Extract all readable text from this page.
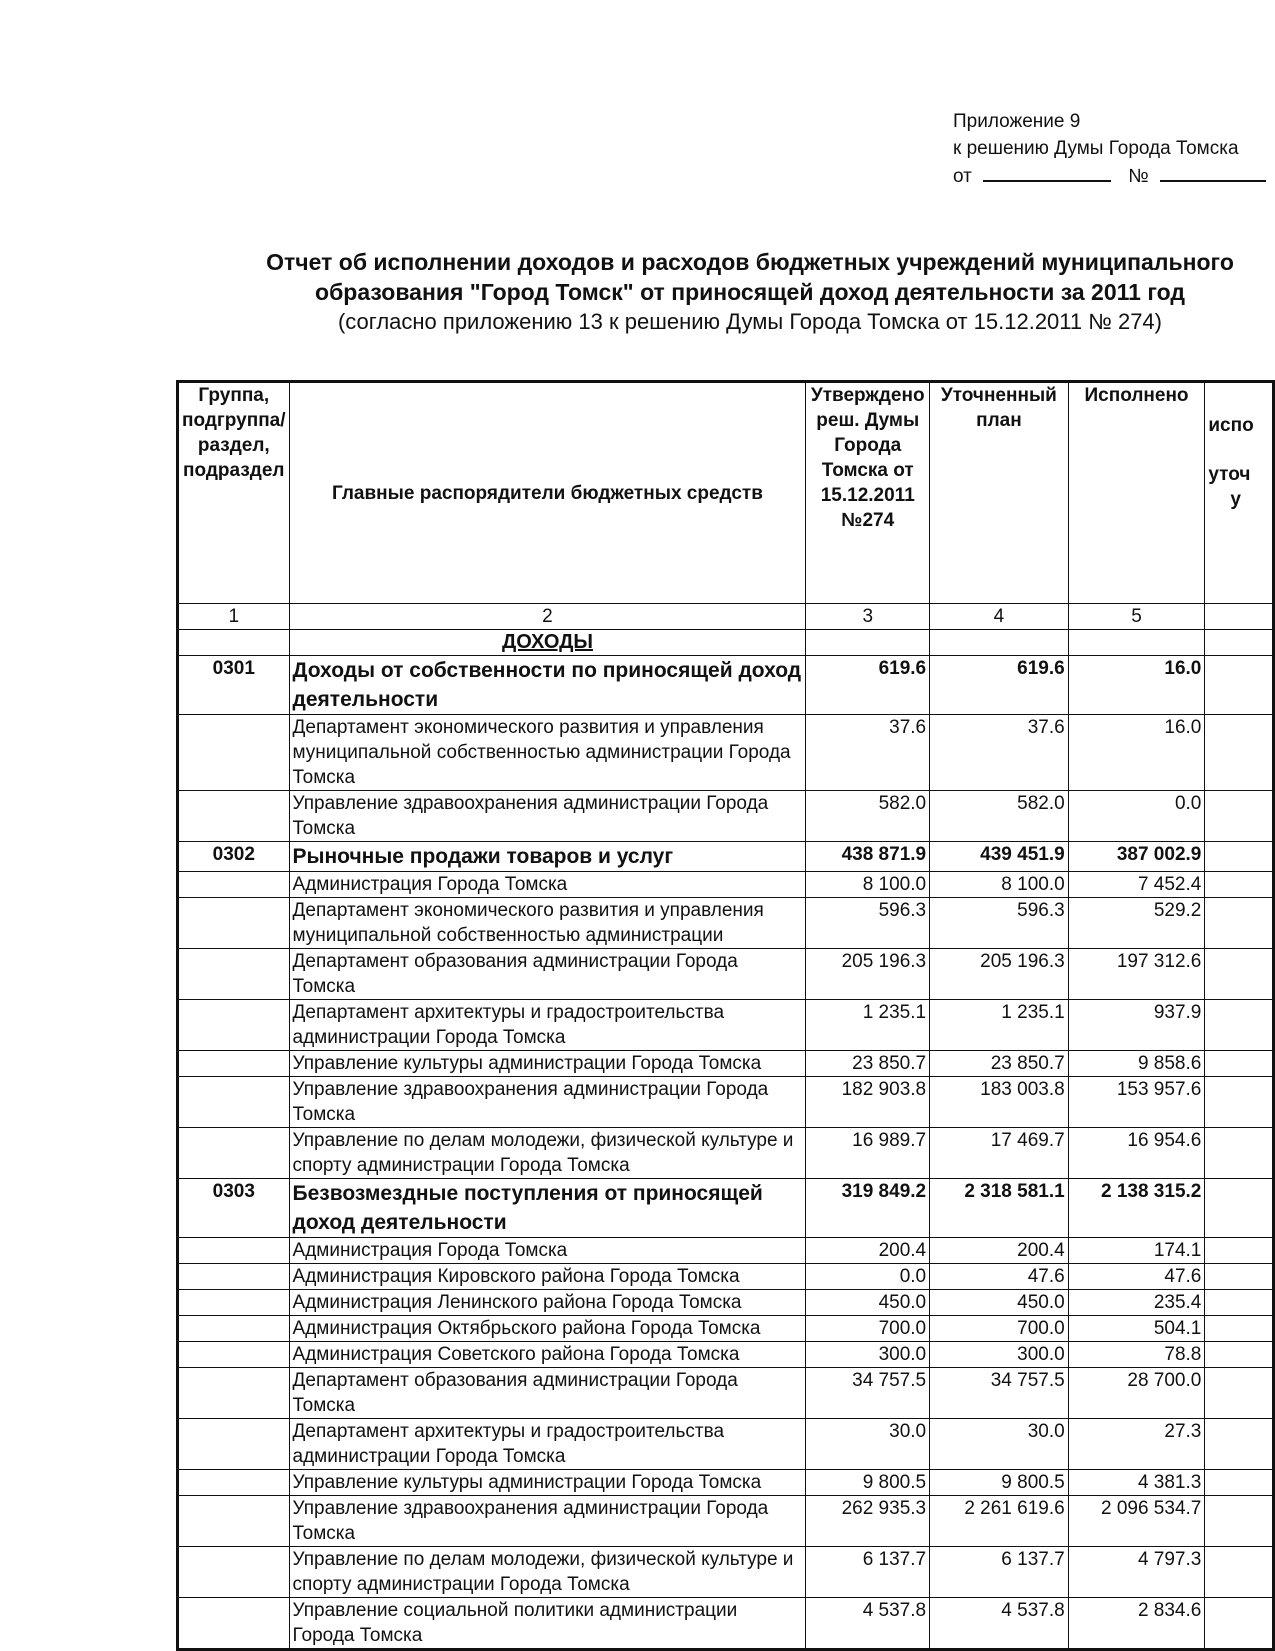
Приложение 9
к решению Думы Города Томска
от	№
Отчет об исполнении доходов и расходов бюджетных учреждений муниципального
образования "Город Томск" от приносящей доход деятельности за 2011 год
(согласно приложению 13 к решению Думы Города Томска от 15.12.2011 № 274)
Группа, подгруппа/ раздел, подраздел	Главные распорядители бюджетных средств	Утверждено реш. Думы Города Томска от 15.12.2011 №274	Уточненный план	Исполнено	испо
уточ
у

1	2	3	4	5	
	ДОХОДЫ				
0301	Доходы от собственности по приносящей доход деятельности	619.6	619.6	16.0	
	Департамент экономического развития и управления муниципальной собственностью администрации Города Томска	37.6	37.6	16.0	
	Управление здравоохранения администрации Города Томска	582.0	582.0	0.0	
0302	Рыночные продажи товаров и услуг	438 871.9	439 451.9	387 002.9	
	Администрация Города Томска	8 100.0	8 100.0	7 452.4	
	Департамент экономического развития и управления муниципальной собственностью администрации	596.3	596.3	529.2	
	Департамент образования администрации Города Томска	205 196.3	205 196.3	197 312.6	
	Департамент архитектуры и градостроительства администрации Города Томска	1 235.1	1 235.1	937.9	
	Управление культуры администрации Города Томска	23 850.7	23 850.7	9 858.6	
	Управление здравоохранения администрации Города Томска	182 903.8	183 003.8	153 957.6	
	Управление по делам молодежи, физической культуре и спорту администрации Города Томска	16 989.7	17 469.7	16 954.6	
0303	Безвозмездные поступления от приносящей доход деятельности	319 849.2	2 318 581.1	2 138 315.2	
	Администрация Города Томска	200.4	200.4	174.1	
	Администрация Кировского района Города Томска	0.0	47.6	47.6	
	Администрация Ленинского района Города Томска	450.0	450.0	235.4	
	Администрация Октябрьского района Города Томска	700.0	700.0	504.1	
	Администрация Советского района Города Томска	300.0	300.0	78.8	
	Департамент образования администрации Города Томска	34 757.5	34 757.5	28 700.0	
	Департамент архитектуры и градостроительства администрации Города Томска	30.0	30.0	27.3	
	Управление культуры администрации Города Томска	9 800.5	9 800.5	4 381.3	
	Управление здравоохранения администрации Города Томска	262 935.3	2 261 619.6	2 096 534.7	
	Управление по делам молодежи, физической культуре и спорту администрации Города Томска	6 137.7	6 137.7	4 797.3	
	Управление социальной политики администрации Города Томска	4 537.8	4 537.8	2 834.6	
